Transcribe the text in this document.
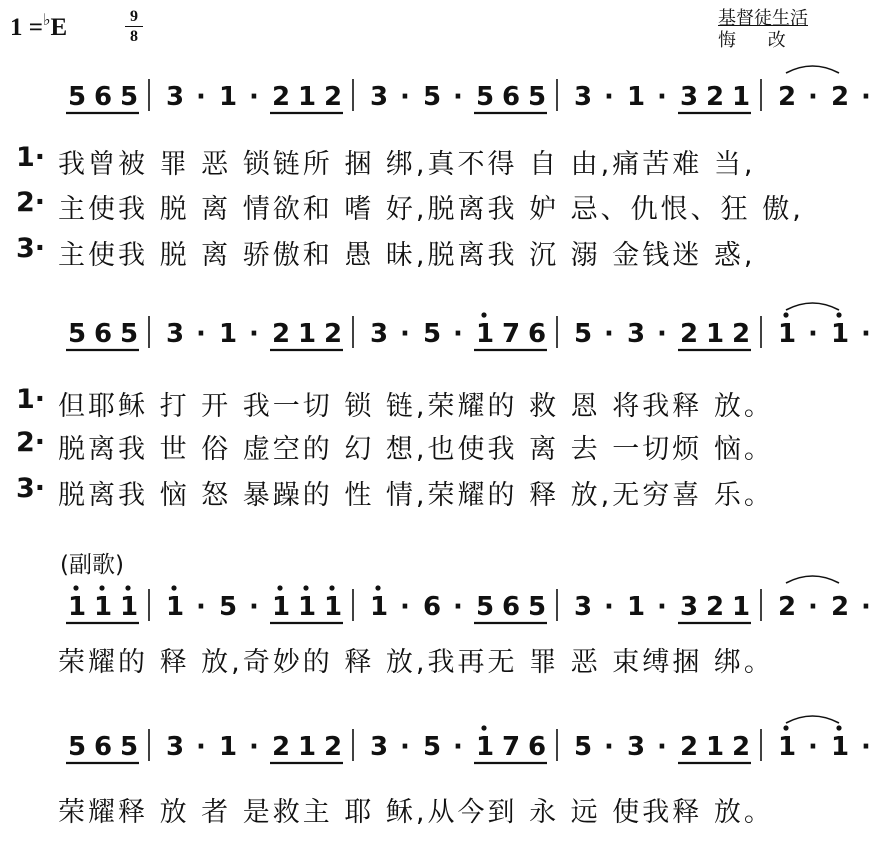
1 =♭E	9
8
基督徒生活
悔 改
(副歌)
5 6 5 3 · 1 · 2 1 2 3 · 5 · 5 6 5 3 · 1 · 3 2 1 2 · 2 ·
5 6 5 3 · 1 · 2 1 2 3 · 5 · 1 7 6 5 · 3 · 2 1 2 1 · 1 ·
1 1 1 1 · 5 · 1 1 1 1 · 6 · 5 6 5 3 · 1 · 3 2 1 2 · 2 ·
5 6 5 3 · 1 · 2 1 2 3 · 5 · 1 7 6 5 · 3 · 2 1 2 1 · 1 ·
1· 我曾被 罪 恶 锁链所 捆 绑,真不得 自 由,痛苦难 当,
2· 主使我 脱 离 情欲和 嗜 好,脱离我 妒 忌、仇恨、狂 傲,
3· 主使我 脱 离 骄傲和 愚 昧,脱离我 沉 溺 金钱迷 惑,
1· 但耶稣 打 开 我一切 锁 链,荣耀的 救 恩 将我释 放。
2· 脱离我 世 俗 虚空的 幻 想,也使我 离 去 一切烦 恼。
3· 脱离我 恼 怒 暴躁的 性 情,荣耀的 释 放,无穷喜 乐。
荣耀的 释 放,奇妙的 释 放,我再无 罪 恶 束缚捆 绑。
荣耀释 放 者 是救主 耶 稣,从今到 永 远 使我释 放。
